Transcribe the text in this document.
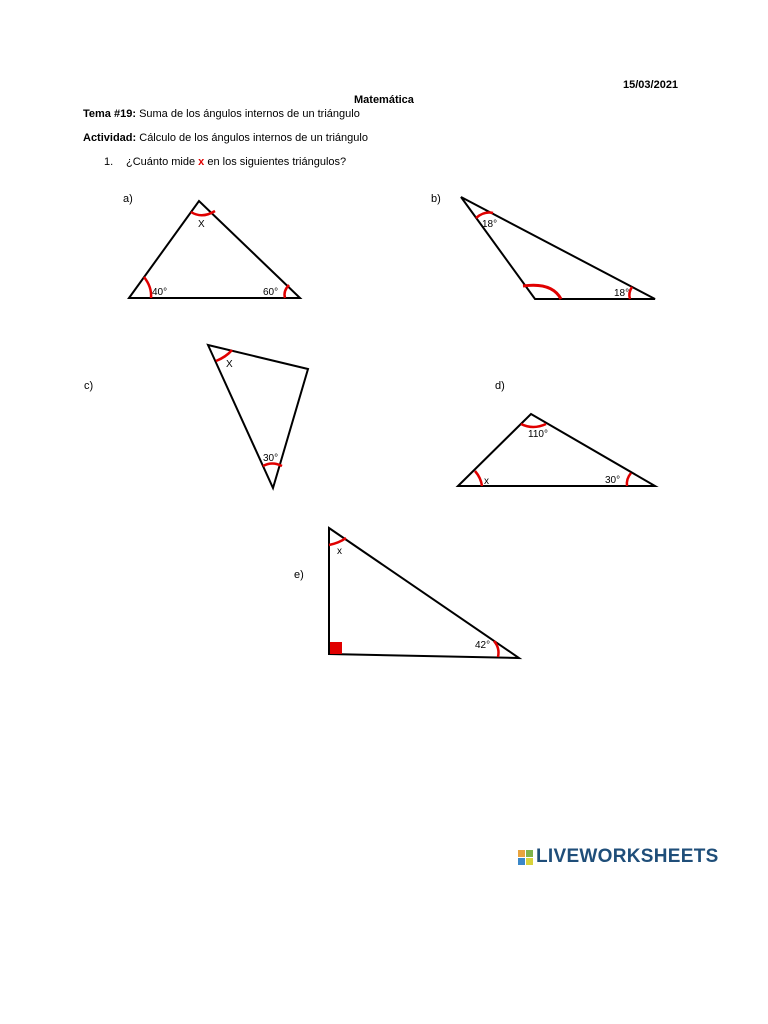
15/03/2021
Matemática
Tema #19: Suma de los ángulos internos de un triángulo
Actividad: Cálculo de los ángulos internos de un triángulo
1. ¿Cuánto mide x en los siguientes triángulos?
a)	b)
c)	d)
e)
X
40°	60°
18°
18°
X
30°
110°
x	30°
x
42°
LIVEWORKSHEETS
